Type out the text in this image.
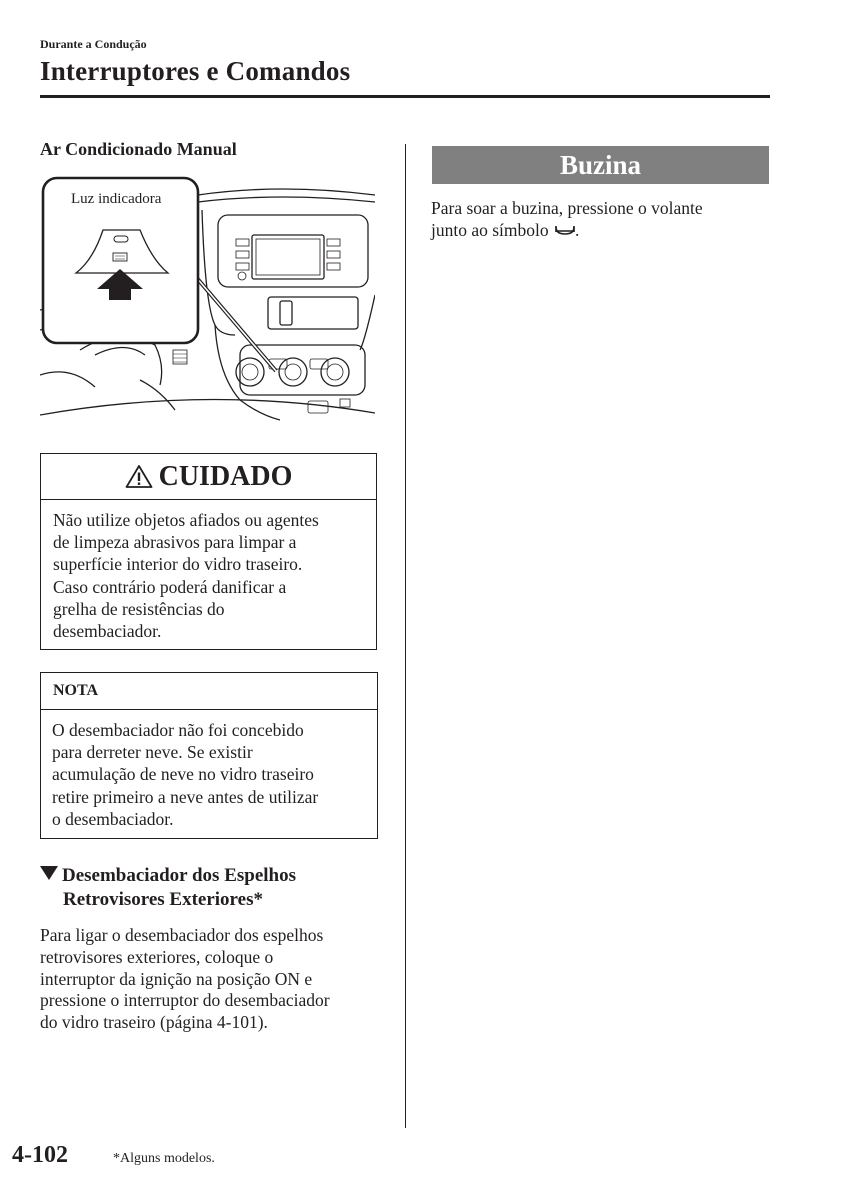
Durante a Condução
Interruptores e Comandos
Ar Condicionado Manual
Luz indicadora
CUIDADO
Não utilize objetos afiados ou agentes
de limpeza abrasivos para limpar a
superfície interior do vidro traseiro.
Caso contrário poderá danificar a
grelha de resistências do
desembaciador.
NOTA
O desembaciador não foi concebido
para derreter neve. Se existir
acumulação de neve no vidro traseiro
retire primeiro a neve antes de utilizar
o desembaciador.
Desembaciador dos Espelhos
Retrovisores Exteriores*
Para ligar o desembaciador dos espelhos
retrovisores exteriores, coloque o
interruptor da ignição na posição ON e
pressione o interruptor do desembaciador
do vidro traseiro (página 4-101).
Buzina
Para soar a buzina, pressione o volante
junto ao símbolo .
4-102	*Alguns modelos.
